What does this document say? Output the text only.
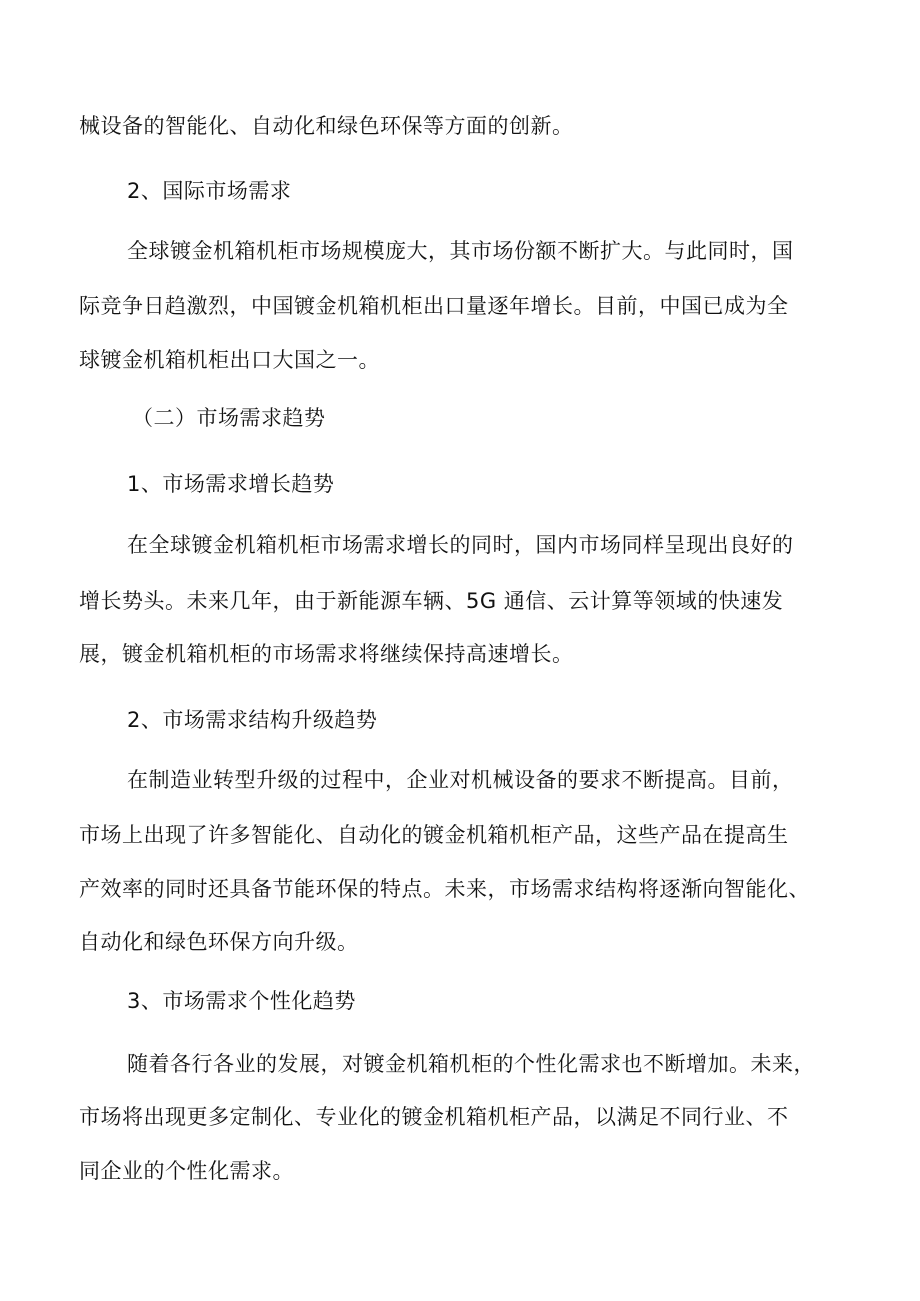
械设备的智能化、自动化和绿色环保等方面的创新。

2、国际市场需求

全球镀金机箱机柜市场规模庞大，其市场份额不断扩大。与此同时，国

际竞争日趋激烈，中国镀金机箱机柜出口量逐年增长。目前，中国已成为全

球镀金机箱机柜出口大国之一。

（二）市场需求趋势

1、市场需求增长趋势

在全球镀金机箱机柜市场需求增长的同时，国内市场同样呈现出良好的

增长势头。未来几年，由于新能源车辆、5G 通信、云计算等领域的快速发

展，镀金机箱机柜的市场需求将继续保持高速增长。

2、市场需求结构升级趋势

在制造业转型升级的过程中，企业对机械设备的要求不断提高。目前，

市场上出现了许多智能化、自动化的镀金机箱机柜产品，这些产品在提高生

产效率的同时还具备节能环保的特点。未来，市场需求结构将逐渐向智能化、

自动化和绿色环保方向升级。

3、市场需求个性化趋势

随着各行各业的发展，对镀金机箱机柜的个性化需求也不断增加。未来，

市场将出现更多定制化、专业化的镀金机箱机柜产品，以满足不同行业、不

同企业的个性化需求。
